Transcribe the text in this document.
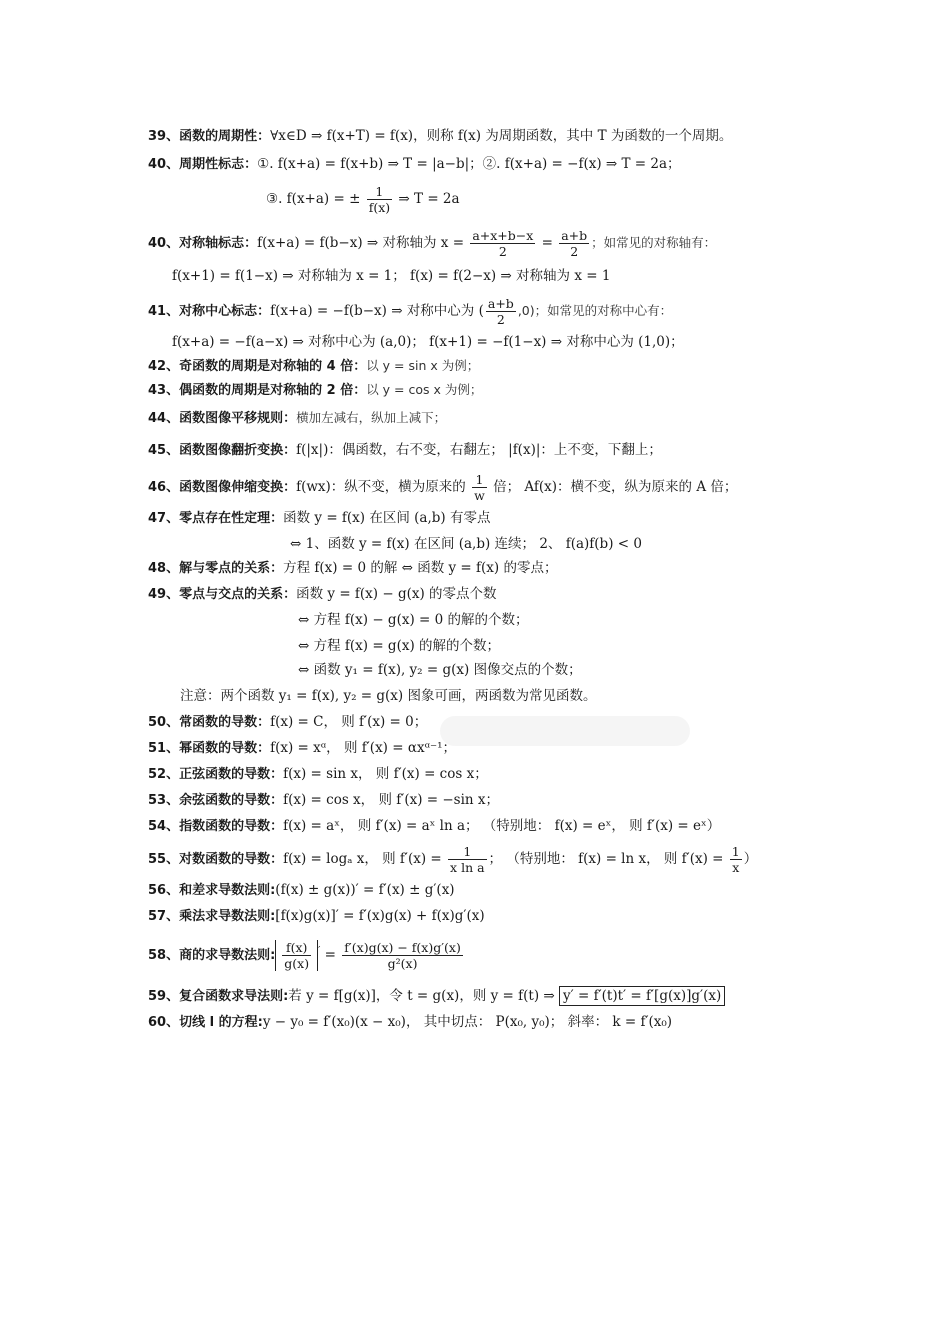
39、函数的周期性：∀x∈D ⇒ f(x+T) = f(x)，则称 f(x) 为周期函数，其中 T 为函数的一个周期。
40、周期性标志：①. f(x+a) = f(x+b) ⇒ T = |a−b|；②. f(x+a) = −f(x) ⇒ T = 2a；
③. f(x+a) = ± $\frac{1}{f(x)}$ ⇒ T = 2a
40、对称轴标志：f(x+a) = f(b−x) ⇒ 对称轴为 $x = \frac{a+x+b-x}{2} = \frac{a+b}{2}$ ；如常见的对称轴有：
f(x+1) = f(1−x) ⇒ 对称轴为 x = 1； f(x) = f(2−x) ⇒ 对称轴为 x = 1
41、对称中心标志：f(x+a) = −f(b−x) ⇒ 对称中心为 ( $\frac{a+b}{2} ,0$)；如常见的对称中心有：
f(x+a) = −f(a−x) ⇒ 对称中心为 (a,0)； f(x+1) = −f(1−x) ⇒ 对称中心为 (1,0)；
42、奇函数的周期是对称轴的 4 倍：以 y = sin x 为例；
43、偶函数的周期是对称轴的 2 倍：以 y = cos x 为例；
44、函数图像平移规则：横加左减右，纵加上减下；
45、函数图像翻折变换：f(|x|)：偶函数，右不变，右翻左； |f(x)|：上不变，下翻上；
46、函数图像伸缩变换：f(wx)：纵不变，横为原来的 $\frac{1}{w}$ 倍； Af(x)：横不变，纵为原来的 A 倍；
47、零点存在性定理：函数 y = f(x) 在区间 (a,b) 有零点
⇔ 1、函数 y = f(x) 在区间 (a,b) 连续； 2、 f(a)f(b) < 0
48、解与零点的关系：方程 f(x) = 0 的解 ⇔ 函数 y = f(x) 的零点；
49、零点与交点的关系：函数 y = f(x) − g(x) 的零点个数
⇔ 方程 f(x) − g(x) = 0 的解的个数；
⇔ 方程 f(x) = g(x) 的解的个数；
⇔ 函数 y₁ = f(x), y₂ = g(x) 图像交点的个数；
注意：两个函数 y₁ = f(x), y₂ = g(x) 图象可画，两函数为常见函数。
50、常函数的导数：f(x) = C， 则 f′(x) = 0；
51、幂函数的导数：f(x) = xᵅ， 则 f′(x) = αxᵅ⁻¹；
52、正弦函数的导数：f(x) = sin x， 则 f′(x) = cos x；
53、余弦函数的导数：f(x) = cos x， 则 f′(x) = −sin x；
54、指数函数的导数：f(x) = aˣ， 则 f′(x) = aˣ ln a； （特别地： f(x) = eˣ， 则 f′(x) = eˣ）
55、对数函数的导数：f(x) = logₐ x， 则 $f'(x) = \frac{1}{\text{x ln a}}$ ； （特别地： f(x) = ln x， 则 $f'(x) = \frac{1}{x}$ ）
56、和差求导数法则:(f(x) ± g(x))′ = f′(x) ± g′(x)
57、乘法求导数法则:[f(x)g(x)]′ = f′(x)g(x) + f(x)g′(x)
58、商的求导数法则: $\frac{f(x)}{g(x)} ' = \frac{f'(x)g(x) - f(x)g'(x)}{\text{g²(x)}}$
59、复合函数求导法则:若 y = f[g(x)]，令 t = g(x)，则 y = f(t) ⇒ y′ = f′(t)t′ = f′[g(x)]g′(x)
60、切线 l 的方程:y − y₀ = f′(x₀)(x − x₀)， 其中切点： P(x₀, y₀)； 斜率： k = f′(x₀)
